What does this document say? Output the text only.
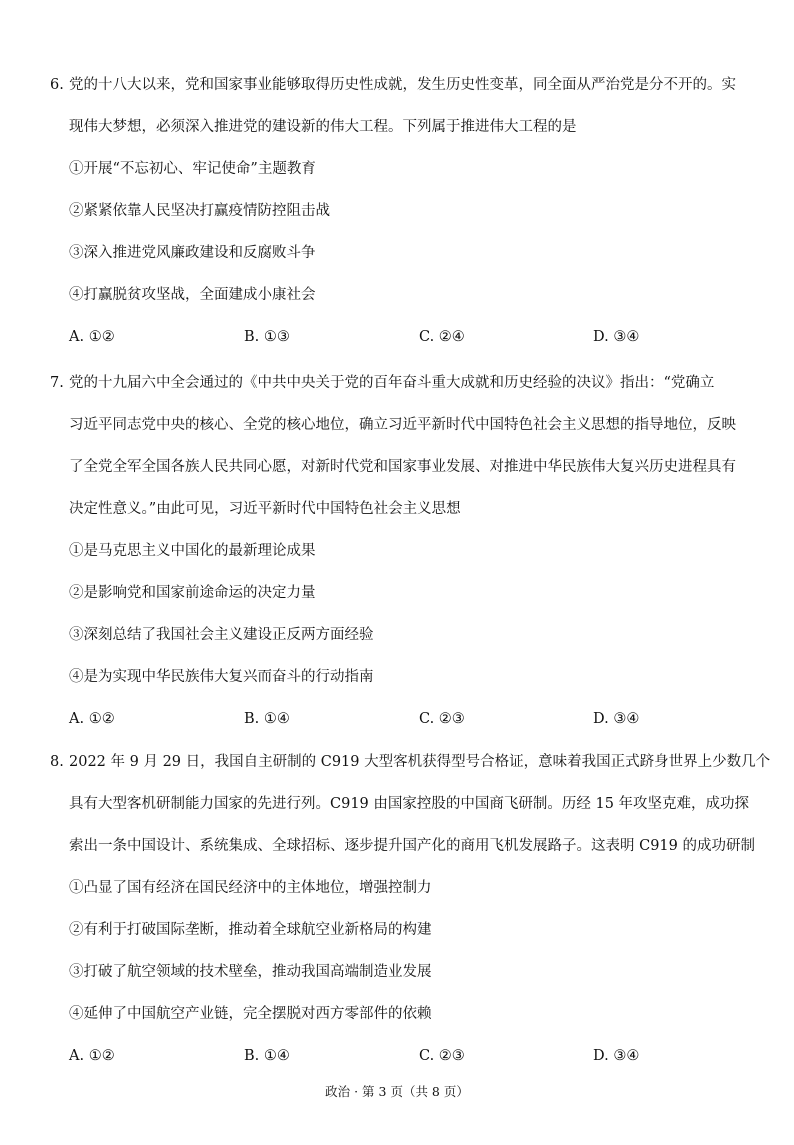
6. 党的十八大以来，党和国家事业能够取得历史性成就，发生历史性变革，同全面从严治党是分不开的。实
现伟大梦想，必须深入推进党的建设新的伟大工程。下列属于推进伟大工程的是
①开展“不忘初心、牢记使命”主题教育
②紧紧依靠人民坚决打赢疫情防控阻击战
③深入推进党风廉政建设和反腐败斗争
④打赢脱贫攻坚战，全面建成小康社会
A. ①②	B. ①③	C. ②④	D. ③④
7. 党的十九届六中全会通过的《中共中央关于党的百年奋斗重大成就和历史经验的决议》指出：“党确立
习近平同志党中央的核心、全党的核心地位，确立习近平新时代中国特色社会主义思想的指导地位，反映
了全党全军全国各族人民共同心愿，对新时代党和国家事业发展、对推进中华民族伟大复兴历史进程具有
决定性意义。”由此可见，习近平新时代中国特色社会主义思想
①是马克思主义中国化的最新理论成果
②是影响党和国家前途命运的决定力量
③深刻总结了我国社会主义建设正反两方面经验
④是为实现中华民族伟大复兴而奋斗的行动指南
A. ①②	B. ①④	C. ②③	D. ③④
8. 2022 年 9 月 29 日，我国自主研制的 C919 大型客机获得型号合格证，意味着我国正式跻身世界上少数几个
具有大型客机研制能力国家的先进行列。C919 由国家控股的中国商飞研制。历经 15 年攻坚克难，成功探
索出一条中国设计、系统集成、全球招标、逐步提升国产化的商用飞机发展路子。这表明 C919 的成功研制
①凸显了国有经济在国民经济中的主体地位，增强控制力
②有利于打破国际垄断，推动着全球航空业新格局的构建
③打破了航空领域的技术壁垒，推动我国高端制造业发展
④延伸了中国航空产业链，完全摆脱对西方零部件的依赖
A. ①②	B. ①④	C. ②③	D. ③④
政治 · 第 3 页（共 8 页）
